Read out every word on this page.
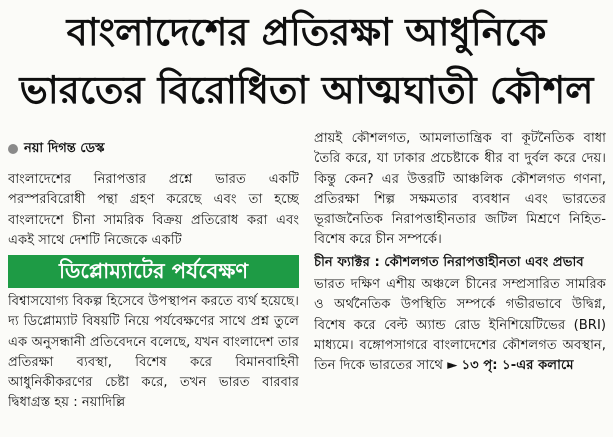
বাংলাদেশের প্রতিরক্ষা আধুনিকে
ভারতের বিরোধিতা আত্মঘাতী কৌশল
নয়া দিগন্ত ডেস্ক
বাংলাদেশের নিরাপত্তার প্রশ্নে ভারত একটি পরস্পরবিরোধী পন্থা গ্রহণ করেছে এবং তা হচ্ছে বাংলাদেশে চীনা সামরিক বিক্রয় প্রতিরোধ করা এবং একই সাথে দেশটি নিজেকে একটি
ডিপ্লোম্যাটের পর্যবেক্ষণ
বিশ্বাসযোগ্য বিকল্প হিসেবে উপস্থাপন করতে ব্যর্থ হয়েছে। দ্য ডিপ্লোম্যাট বিষয়টি নিয়ে পর্যবেক্ষণের সাথে প্রশ্ন তুলে এক অনুসন্ধানী প্রতিবেদনে বলেছে, যখন বাংলাদেশ তার প্রতিরক্ষা ব্যবস্থা, বিশেষ করে বিমানবাহিনী আধুনিকীকরণের চেষ্টা করে, তখন ভারত বারবার দ্বিধাগ্রস্ত হয় : নয়াদিল্লি
প্রায়ই কৌশলগত, আমলাতান্ত্রিক বা কূটনৈতিক বাধা তৈরি করে, যা ঢাকার প্রচেষ্টাকে ধীর বা দুর্বল করে দেয়। কিন্তু কেন? এর উত্তরটি আঞ্চলিক কৌশলগত গণনা, প্রতিরক্ষা শিল্প সক্ষমতার ব্যবধান এবং ভারতের ভূরাজনৈতিক নিরাপত্তাহীনতার জটিল মিশ্রণে নিহিত- বিশেষ করে চীন সম্পর্কে।
চীন ফ্যাক্টর : কৌশলগত নিরাপত্তাহীনতা এবং প্রভাব
ভারত দক্ষিণ এশীয় অঞ্চলে চীনের সম্প্রসারিত সামরিক ও অর্থনৈতিক উপস্থিতি সম্পর্কে গভীরভাবে উদ্বিগ্ন, বিশেষ করে বেল্ট অ্যান্ড রোড ইনিশিয়েটিভের (BRI) মাধ্যমে। বঙ্গোপসাগরে বাংলাদেশের কৌশলগত অবস্থান, তিন দিকে ভারতের সাথে ► ১৩ পৃ: ১-এর কলামে
